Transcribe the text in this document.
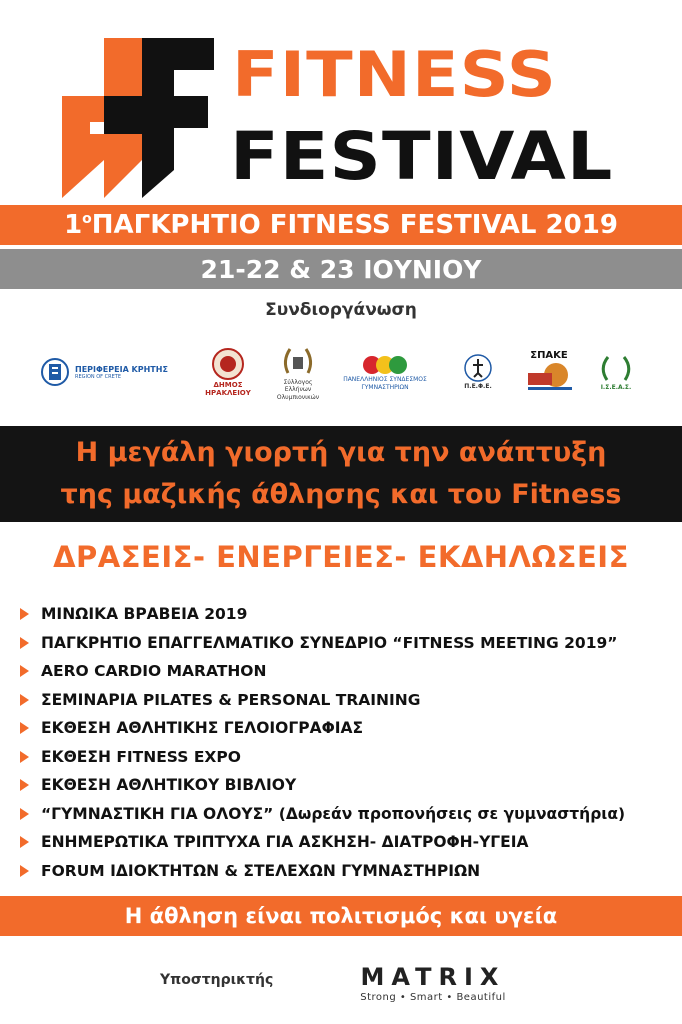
FITNESS
FESTIVAL
$1^o$ ΠΑΓΚΡΗΤΙΟ FITNESS FESTIVAL 2019
21-22 & 23 ΙΟΥΝΙΟΥ
Συνδιοργάνωση
ΠΕΡΙΦΕΡΕΙΑ ΚΡΗΤΗΣ
REGION OF CRETE
ΔΗΜΟΣ ΗΡΑΚΛΕΙΟΥ
Σύλλογος Ελλήνων Ολυμπιονικών
ΠΑΝΕΛΛΗΝΙΟΣ ΣΥΝΔΕΣΜΟΣ ΓΥΜΝΑΣΤΗΡΙΩΝ	Π.Ε.Φ.Ε.
ΣΠΑΚΕ
Ι.Σ.Ε.Α.Σ.
Η μεγάλη γιορτή για την ανάπτυξη
της μαζικής άθλησης και του Fitness
ΔΡΑΣΕΙΣ- ΕΝΕΡΓΕΙΕΣ- ΕΚΔΗΛΩΣΕΙΣ
ΜΙΝΩΙΚΑ ΒΡΑΒΕΙΑ 2019
ΠΑΓΚΡΗΤΙΟ ΕΠΑΓΓΕΛΜΑΤΙΚΟ ΣΥΝΕΔΡΙΟ “FITNESS MEETING 2019”
AERO CARDIO MARATHON
ΣΕΜΙΝΑΡΙΑ PILATES & PERSONAL TRAINING
ΕΚΘΕΣΗ ΑΘΛΗΤΙΚΗΣ ΓΕΛΟΙΟΓΡΑΦΙΑΣ
ΕΚΘΕΣΗ FITNESS EXPO
ΕΚΘΕΣΗ ΑΘΛΗΤΙΚΟΥ ΒΙΒΛΙΟΥ
“ΓΥΜΝΑΣΤΙΚΗ ΓΙΑ ΟΛΟΥΣ” (Δωρεάν προπονήσεις σε γυμναστήρια)
ΕΝΗΜΕΡΩΤΙΚΑ ΤΡΙΠΤΥΧΑ ΓΙΑ ΑΣΚΗΣΗ- ΔΙΑΤΡΟΦΗ-ΥΓΕΙΑ
FORUM ΙΔΙΟΚΤΗΤΩΝ & ΣΤΕΛΕΧΩΝ ΓΥΜΝΑΣΤΗΡΙΩΝ
Η άθληση είναι πολιτισμός και υγεία
Υποστηρικτής	MATRIX
Strong • Smart • Beautiful
